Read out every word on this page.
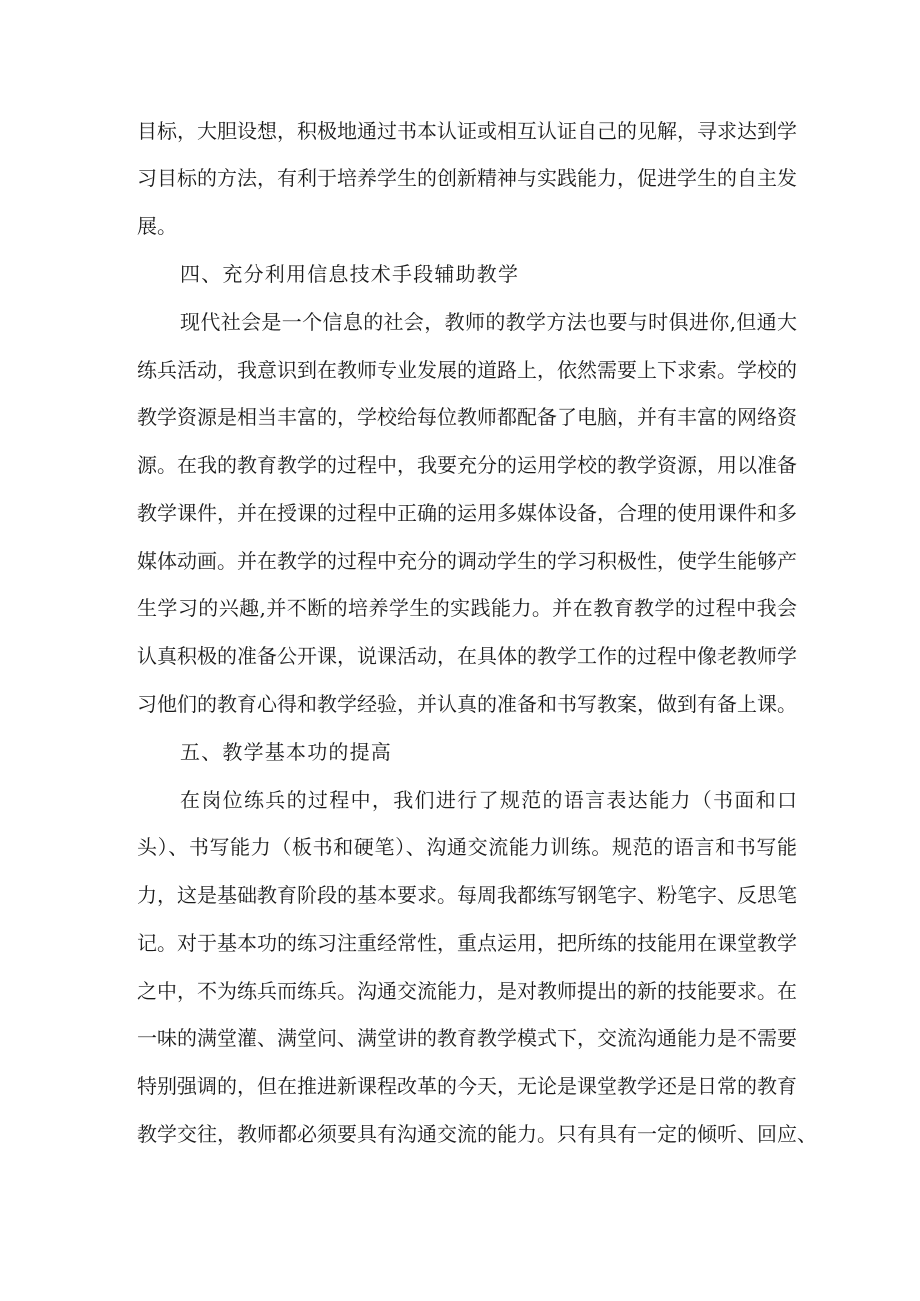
目标，大胆设想，积极地通过书本认证或相互认证自己的见解，寻求达到学
习目标的方法，有利于培养学生的创新精神与实践能力，促进学生的自主发
展。
四、充分利用信息技术手段辅助教学
现代社会是一个信息的社会，教师的教学方法也要与时俱进你,但通大
练兵活动，我意识到在教师专业发展的道路上，依然需要上下求索。学校的
教学资源是相当丰富的，学校给每位教师都配备了电脑，并有丰富的网络资
源。在我的教育教学的过程中，我要充分的运用学校的教学资源，用以准备
教学课件，并在授课的过程中正确的运用多媒体设备，合理的使用课件和多
媒体动画。并在教学的过程中充分的调动学生的学习积极性，使学生能够产
生学习的兴趣,并不断的培养学生的实践能力。并在教育教学的过程中我会
认真积极的准备公开课，说课活动，在具体的教学工作的过程中像老教师学
习他们的教育心得和教学经验，并认真的准备和书写教案，做到有备上课。
五、教学基本功的提高
在岗位练兵的过程中，我们进行了规范的语言表达能力（书面和口
头）、书写能力（板书和硬笔）、沟通交流能力训练。规范的语言和书写能
力，这是基础教育阶段的基本要求。每周我都练写钢笔字、粉笔字、反思笔
记。对于基本功的练习注重经常性，重点运用，把所练的技能用在课堂教学
之中，不为练兵而练兵。沟通交流能力，是对教师提出的新的技能要求。在
一味的满堂灌、满堂问、满堂讲的教育教学模式下，交流沟通能力是不需要
特别强调的，但在推进新课程改革的今天，无论是课堂教学还是日常的教育
教学交往，教师都必须要具有沟通交流的能力。只有具有一定的倾听、回应、
